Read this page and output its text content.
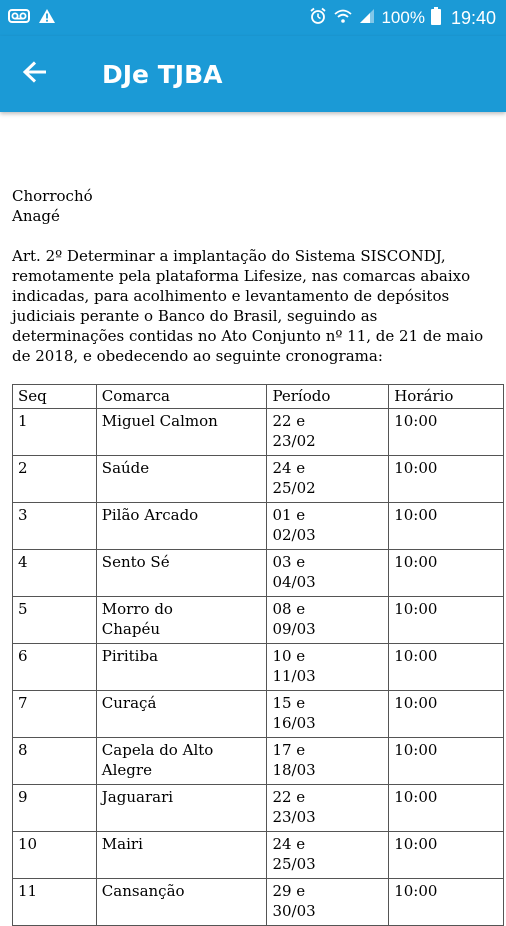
100% 19:40
DJe TJBA
Chorrochó
Anagé
Art. 2º Determinar a implantação do Sistema SISCONDJ,
remotamente pela plataforma Lifesize, nas comarcas abaixo
indicadas, para acolhimento e levantamento de depósitos
judiciais perante o Banco do Brasil, seguindo as
determinações contidas no Ato Conjunto nº 11, de 21 de maio
de 2018, e obedecendo ao seguinte cronograma:
Seq	Comarca	Período	Horário
1	Miguel Calmon	22 e
23/02	10:00
2	Saúde	24 e
25/02	10:00
3	Pilão Arcado	01 e
02/03	10:00
4	Sento Sé	03 e
04/03	10:00
5	Morro do
Chapéu	08 e
09/03	10:00
6	Piritiba	10 e
11/03	10:00
7	Curaçá	15 e
16/03	10:00
8	Capela do Alto
Alegre	17 e
18/03	10:00
9	Jaguarari	22 e
23/03	10:00
10	Mairi	24 e
25/03	10:00
11	Cansanção	29 e
30/03	10:00
